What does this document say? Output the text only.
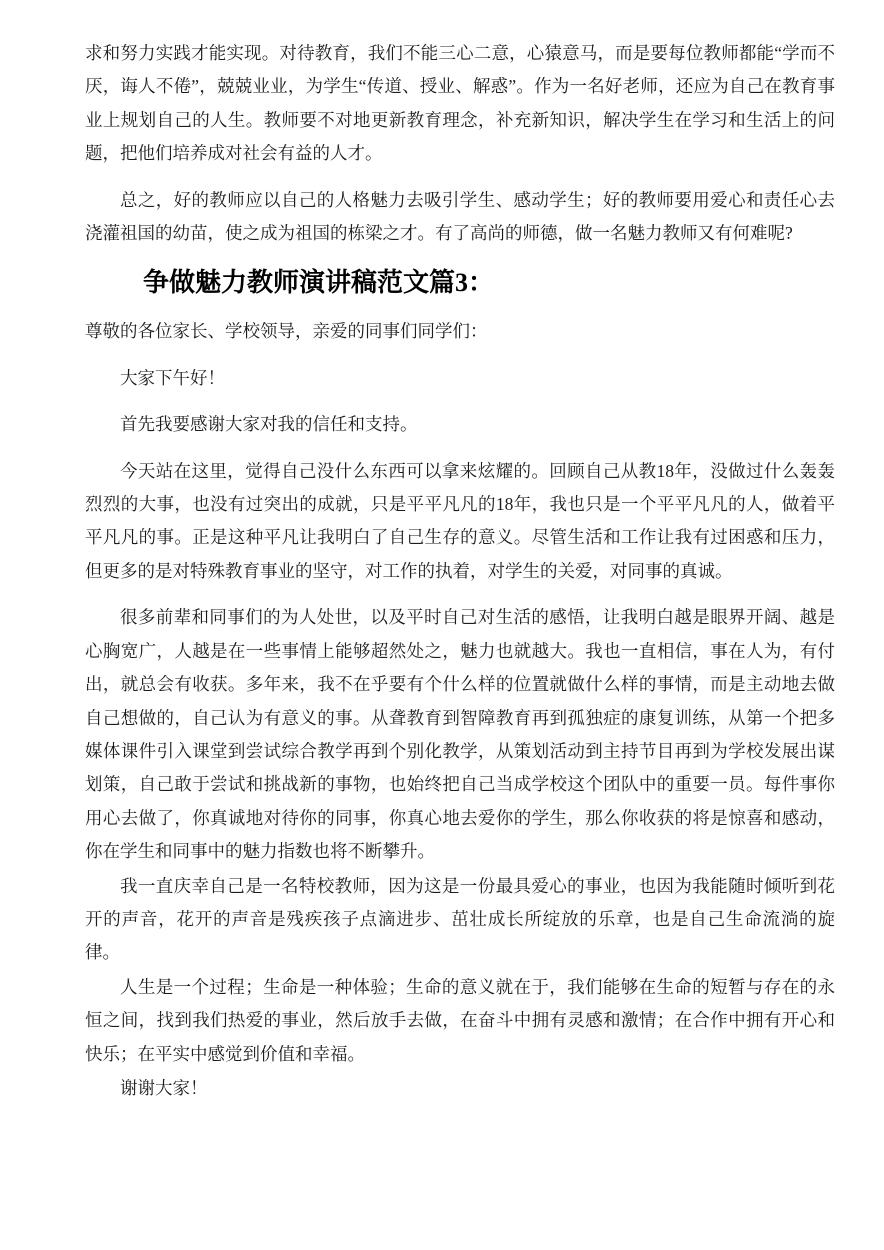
求和努力实践才能实现。对待教育，我们不能三心二意，心猿意马，而是要每位教师都能“学而不厌，诲人不倦”，兢兢业业，为学生“传道、授业、解惑”。作为一名好老师，还应为自己在教育事业上规划自己的人生。教师要不对地更新教育理念，补充新知识，解决学生在学习和生活上的问题，把他们培养成对社会有益的人才。

总之，好的教师应以自己的人格魅力去吸引学生、感动学生；好的教师要用爱心和责任心去浇灌祖国的幼苗，使之成为祖国的栋梁之才。有了高尚的师德，做一名魅力教师又有何难呢?

争做魅力教师演讲稿范文篇3：

尊敬的各位家长、学校领导，亲爱的同事们同学们：

大家下午好！

首先我要感谢大家对我的信任和支持。

今天站在这里，觉得自己没什么东西可以拿来炫耀的。回顾自己从教18年，没做过什么轰轰烈烈的大事，也没有过突出的成就，只是平平凡凡的18年，我也只是一个平平凡凡的人，做着平平凡凡的事。正是这种平凡让我明白了自己生存的意义。尽管生活和工作让我有过困惑和压力，但更多的是对特殊教育事业的坚守，对工作的执着，对学生的关爱，对同事的真诚。

很多前辈和同事们的为人处世，以及平时自己对生活的感悟，让我明白越是眼界开阔、越是心胸宽广，人越是在一些事情上能够超然处之，魅力也就越大。我也一直相信，事在人为，有付出，就总会有收获。多年来，我不在乎要有个什么样的位置就做什么样的事情，而是主动地去做自己想做的，自己认为有意义的事。从聋教育到智障教育再到孤独症的康复训练，从第一个把多媒体课件引入课堂到尝试综合教学再到个别化教学，从策划活动到主持节目再到为学校发展出谋划策，自己敢于尝试和挑战新的事物，也始终把自己当成学校这个团队中的重要一员。每件事你用心去做了，你真诚地对待你的同事，你真心地去爱你的学生，那么你收获的将是惊喜和感动，你在学生和同事中的魅力指数也将不断攀升。

我一直庆幸自己是一名特校教师，因为这是一份最具爱心的事业，也因为我能随时倾听到花开的声音，花开的声音是残疾孩子点滴进步、茁壮成长所绽放的乐章，也是自己生命流淌的旋律。

人生是一个过程；生命是一种体验；生命的意义就在于，我们能够在生命的短暂与存在的永恒之间，找到我们热爱的事业，然后放手去做，在奋斗中拥有灵感和激情；在合作中拥有开心和快乐；在平实中感觉到价值和幸福。

谢谢大家！
